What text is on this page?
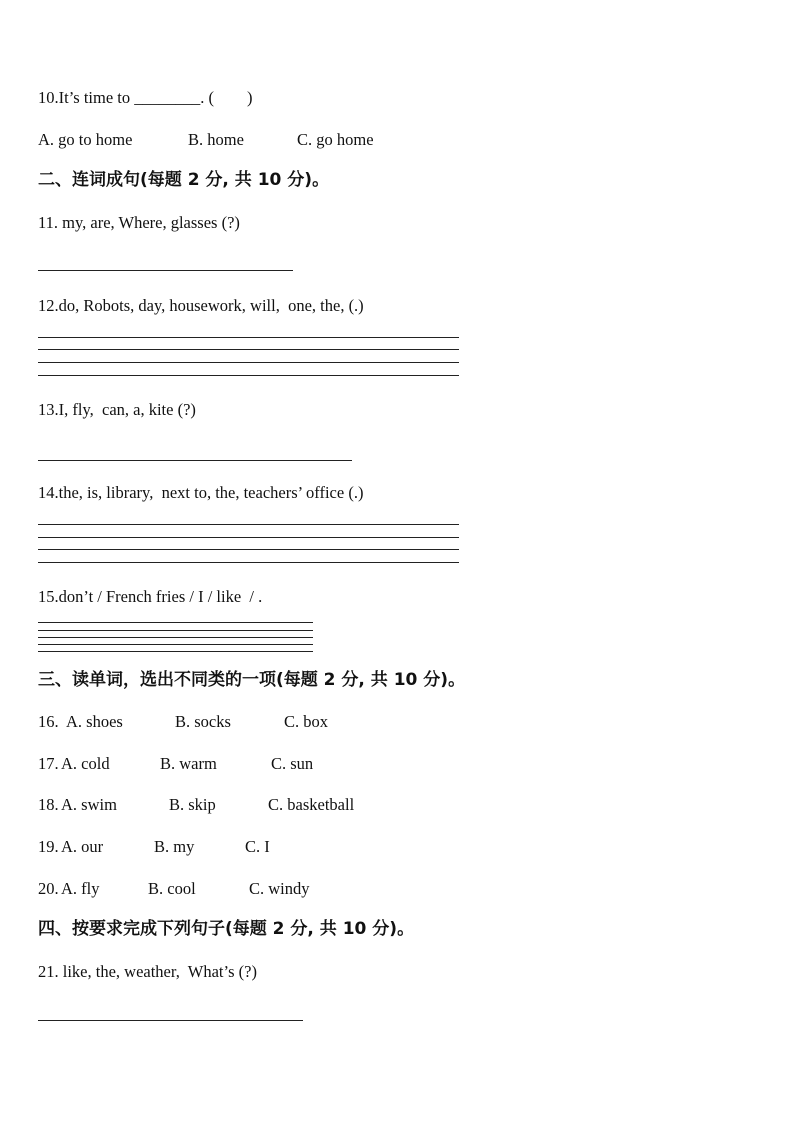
10.It’s time to ________. (        )
A. go to home	B. home	C. go home
二、连词成句(每题 2 分, 共 10 分)。
11. my, are, Where, glasses (?)
12.do, Robots, day, housework, will,  one, the, (.)
13.I, fly,  can, a, kite (?)
14.the, is, library,  next to, the, teachers’ office (.)
15.don’t / French fries / I / like  / .
三、读单词，选出不同类的一项(每题 2 分, 共 10 分)。
16. A. shoes	B. socks	C. box
17. A. cold	B. warm	C. sun
18. A. swim	B. skip	C. basketball
19. A. our	B. my	C. I
20. A. fly	B. cool	C. windy
四、按要求完成下列句子(每题 2 分, 共 10 分)。
21. like, the, weather,  What’s (?)
